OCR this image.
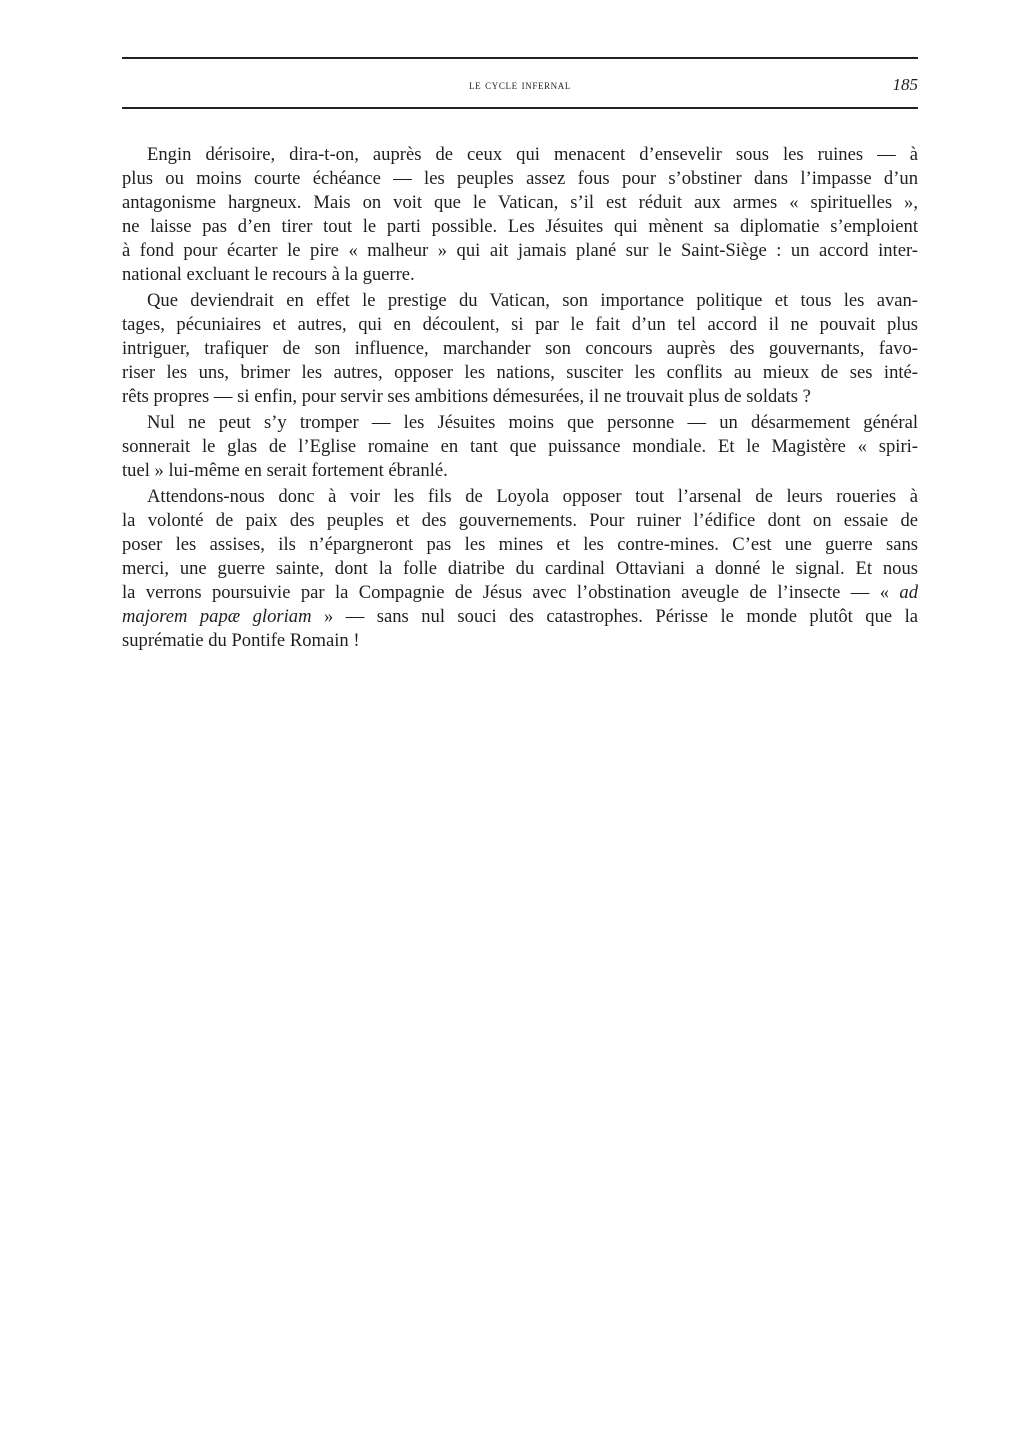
le cycle infernal	185

Engin dérisoire, dira-t-on, auprès de ceux qui menacent d’ensevelir sous les ruines — à
plus ou moins courte échéance — les peuples assez fous pour s’obstiner dans l’impasse d’un
antagonisme hargneux. Mais on voit que le Vatican, s’il est réduit aux armes « spirituelles »,
ne laisse pas d’en tirer tout le parti possible. Les Jésuites qui mènent sa diplomatie s’emploient
à fond pour écarter le pire « malheur » qui ait jamais plané sur le Saint-Siège : un accord inter-
national excluant le recours à la guerre.

Que deviendrait en effet le prestige du Vatican, son importance politique et tous les avan-
tages, pécuniaires et autres, qui en découlent, si par le fait d’un tel accord il ne pouvait plus
intriguer, trafiquer de son influence, marchander son concours auprès des gouvernants, favo-
riser les uns, brimer les autres, opposer les nations, susciter les conflits au mieux de ses inté-
rêts propres — si enfin, pour servir ses ambitions démesurées, il ne trouvait plus de soldats ?

Nul ne peut s’y tromper — les Jésuites moins que personne — un désarmement général
sonnerait le glas de l’Eglise romaine en tant que puissance mondiale. Et le Magistère « spiri-
tuel » lui-même en serait fortement ébranlé.

Attendons-nous donc à voir les fils de Loyola opposer tout l’arsenal de leurs roueries à
la volonté de paix des peuples et des gouvernements. Pour ruiner l’édifice dont on essaie de
poser les assises, ils n’épargneront pas les mines et les contre-mines. C’est une guerre sans
merci, une guerre sainte, dont la folle diatribe du cardinal Ottaviani a donné le signal. Et nous
la verrons poursuivie par la Compagnie de Jésus avec l’obstination aveugle de l’insecte — « ad
majorem papæ gloriam » — sans nul souci des catastrophes. Périsse le monde plutôt que la
suprématie du Pontife Romain !
